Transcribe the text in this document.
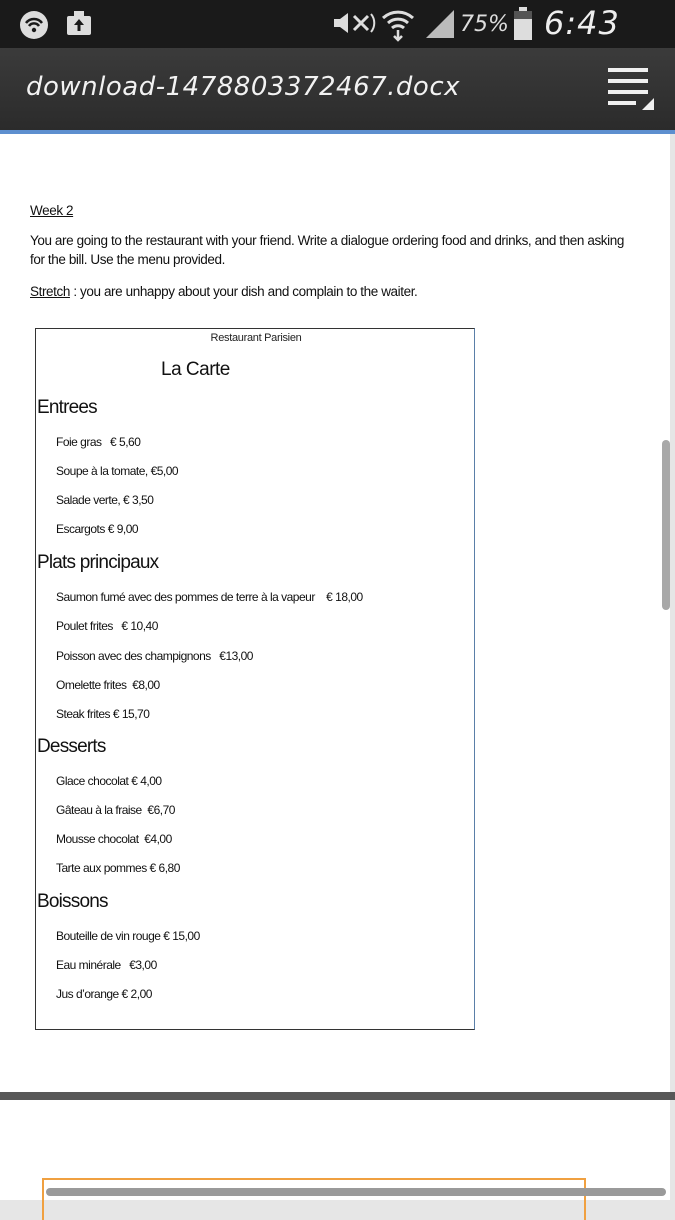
75% 6:43
download-1478803372467.docx
Week 2
You are going to the restaurant with your friend. Write a dialogue ordering food and drinks, and then asking for the bill. Use the menu provided.
Stretch : you are unhappy about your dish and complain to the waiter.
Restaurant Parisien
La Carte
Entrees
Foie gras   € 5,60
Soupe à la tomate, €5,00
Salade verte, € 3,50
Escargots € 9,00
Plats principaux
Saumon fumé avec des pommes de terre à la vapeur    € 18,00
Poulet frites   € 10,40
Poisson avec des champignons   €13,00
Omelette frites  €8,00
Steak frites € 15,70
Desserts
Glace chocolat € 4,00
Gâteau à la fraise  €6,70
Mousse chocolat  €4,00
Tarte aux pommes € 6,80
Boissons
Bouteille de vin rouge € 15,00
Eau minérale   €3,00
Jus d’orange € 2,00
